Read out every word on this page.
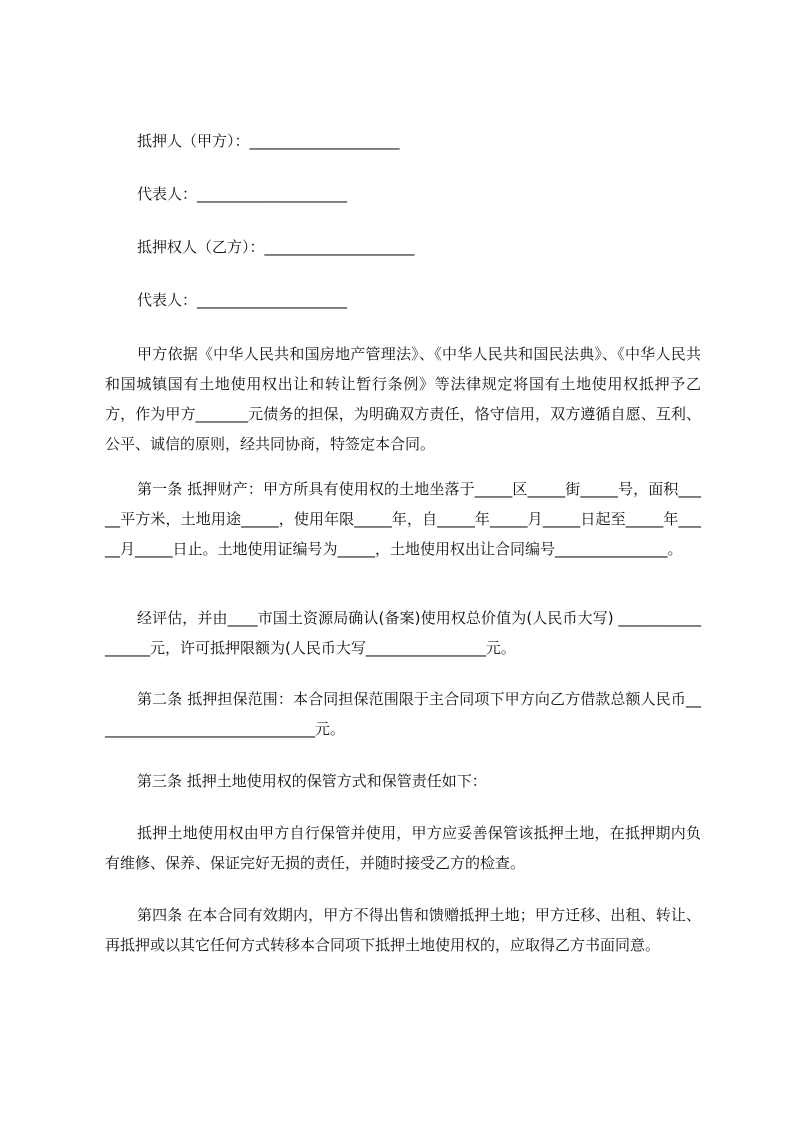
抵押人（甲方）：____________________
代表人：____________________
抵押权人（乙方）：____________________
代表人：____________________

甲方依据《中华人民共和国房地产管理法》、《中华人民共和国民法典》、《中华人民共和国城镇国有土地使用权出让和转让暂行条例》等法律规定将国有土地使用权抵押予乙方，作为甲方_______元债务的担保，为明确双方责任，恪守信用，双方遵循自愿、互利、公平、诚信的原则，经共同协商，特签定本合同。

第一条 抵押财产：甲方所具有使用权的土地坐落于_____区_____街_____号，面积_____平方米，土地用途_____，使用年限_____年，自_____年_____月_____日起至_____年_____月_____日止。土地使用证编号为_____，土地使用权出让合同编号_______________。

经评估，并由____市国土资源局确认(备案)使用权总价值为(人民币大写) _________________元，许可抵押限额为(人民币大写________________元。

第二条 抵押担保范围：本合同担保范围限于主合同项下甲方向乙方借款总额人民币______________________________元。

第三条 抵押土地使用权的保管方式和保管责任如下：

抵押土地使用权由甲方自行保管并使用，甲方应妥善保管该抵押土地，在抵押期内负有维修、保养、保证完好无损的责任，并随时接受乙方的检查。

第四条 在本合同有效期内，甲方不得出售和馈赠抵押土地；甲方迁移、出租、转让、再抵押或以其它任何方式转移本合同项下抵押土地使用权的，应取得乙方书面同意。
